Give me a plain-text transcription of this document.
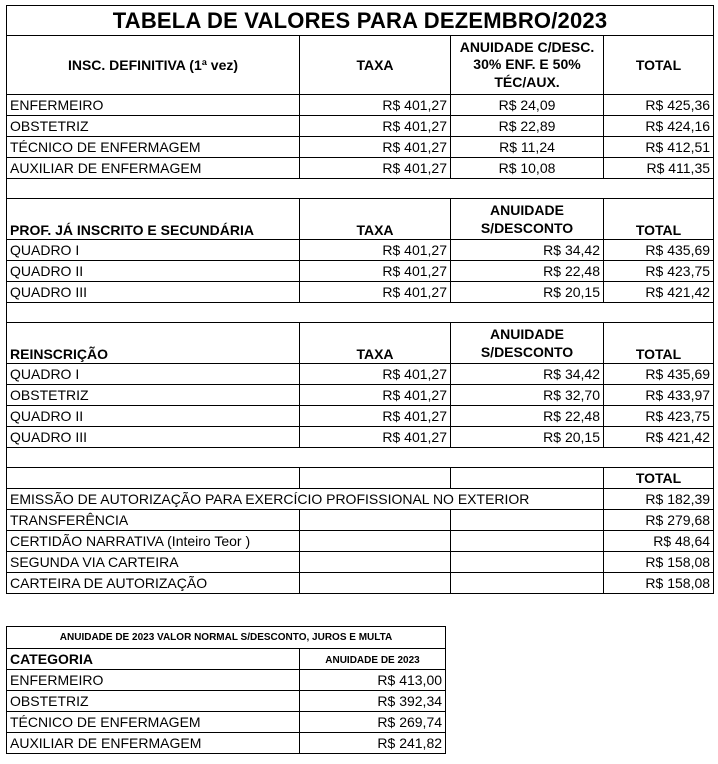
TABELA DE VALORES PARA DEZEMBRO/2023			
INSC. DEFINITIVA (1ª vez)	TAXA	ANUIDADE C/DESC.
30% ENF. E 50%
TÉC/AUX.	TOTAL
ENFERMEIRO	R$ 401,27	R$ 24,09	R$ 425,36
OBSTETRIZ	R$ 401,27	R$ 22,89	R$ 424,16
TÉCNICO DE ENFERMAGEM	R$ 401,27	R$ 11,24	R$ 412,51
AUXILIAR DE ENFERMAGEM	R$ 401,27	R$ 10,08	R$ 411,35

PROF. JÁ INSCRITO E SECUNDÁRIA	TAXA	ANUIDADE
S/DESCONTO	TOTAL
QUADRO I	R$ 401,27	R$ 34,42	R$ 435,69
QUADRO II	R$ 401,27	R$ 22,48	R$ 423,75
QUADRO III	R$ 401,27	R$ 20,15	R$ 421,42

REINSCRIÇÃO	TAXA	ANUIDADE
S/DESCONTO	TOTAL
QUADRO I	R$ 401,27	R$ 34,42	R$ 435,69
OBSTETRIZ	R$ 401,27	R$ 32,70	R$ 433,97
QUADRO II	R$ 401,27	R$ 22,48	R$ 423,75
QUADRO III	R$ 401,27	R$ 20,15	R$ 421,42

			TOTAL
EMISSÃO DE AUTORIZAÇÃO PARA EXERCÍCIO PROFISSIONAL NO EXTERIOR			R$ 182,39
TRANSFERÊNCIA			R$ 279,68
CERTIDÃO NARRATIVA (Inteiro Teor )			R$ 48,64
SEGUNDA VIA CARTEIRA			R$ 158,08
CARTEIRA DE AUTORIZAÇÃO			R$ 158,08
ANUIDADE DE 2023 VALOR NORMAL S/DESCONTO, JUROS E MULTA	
CATEGORIA	ANUIDADE DE 2023
ENFERMEIRO	R$ 413,00
OBSTETRIZ	R$ 392,34
TÉCNICO DE ENFERMAGEM	R$ 269,74
AUXILIAR DE ENFERMAGEM	R$ 241,82
